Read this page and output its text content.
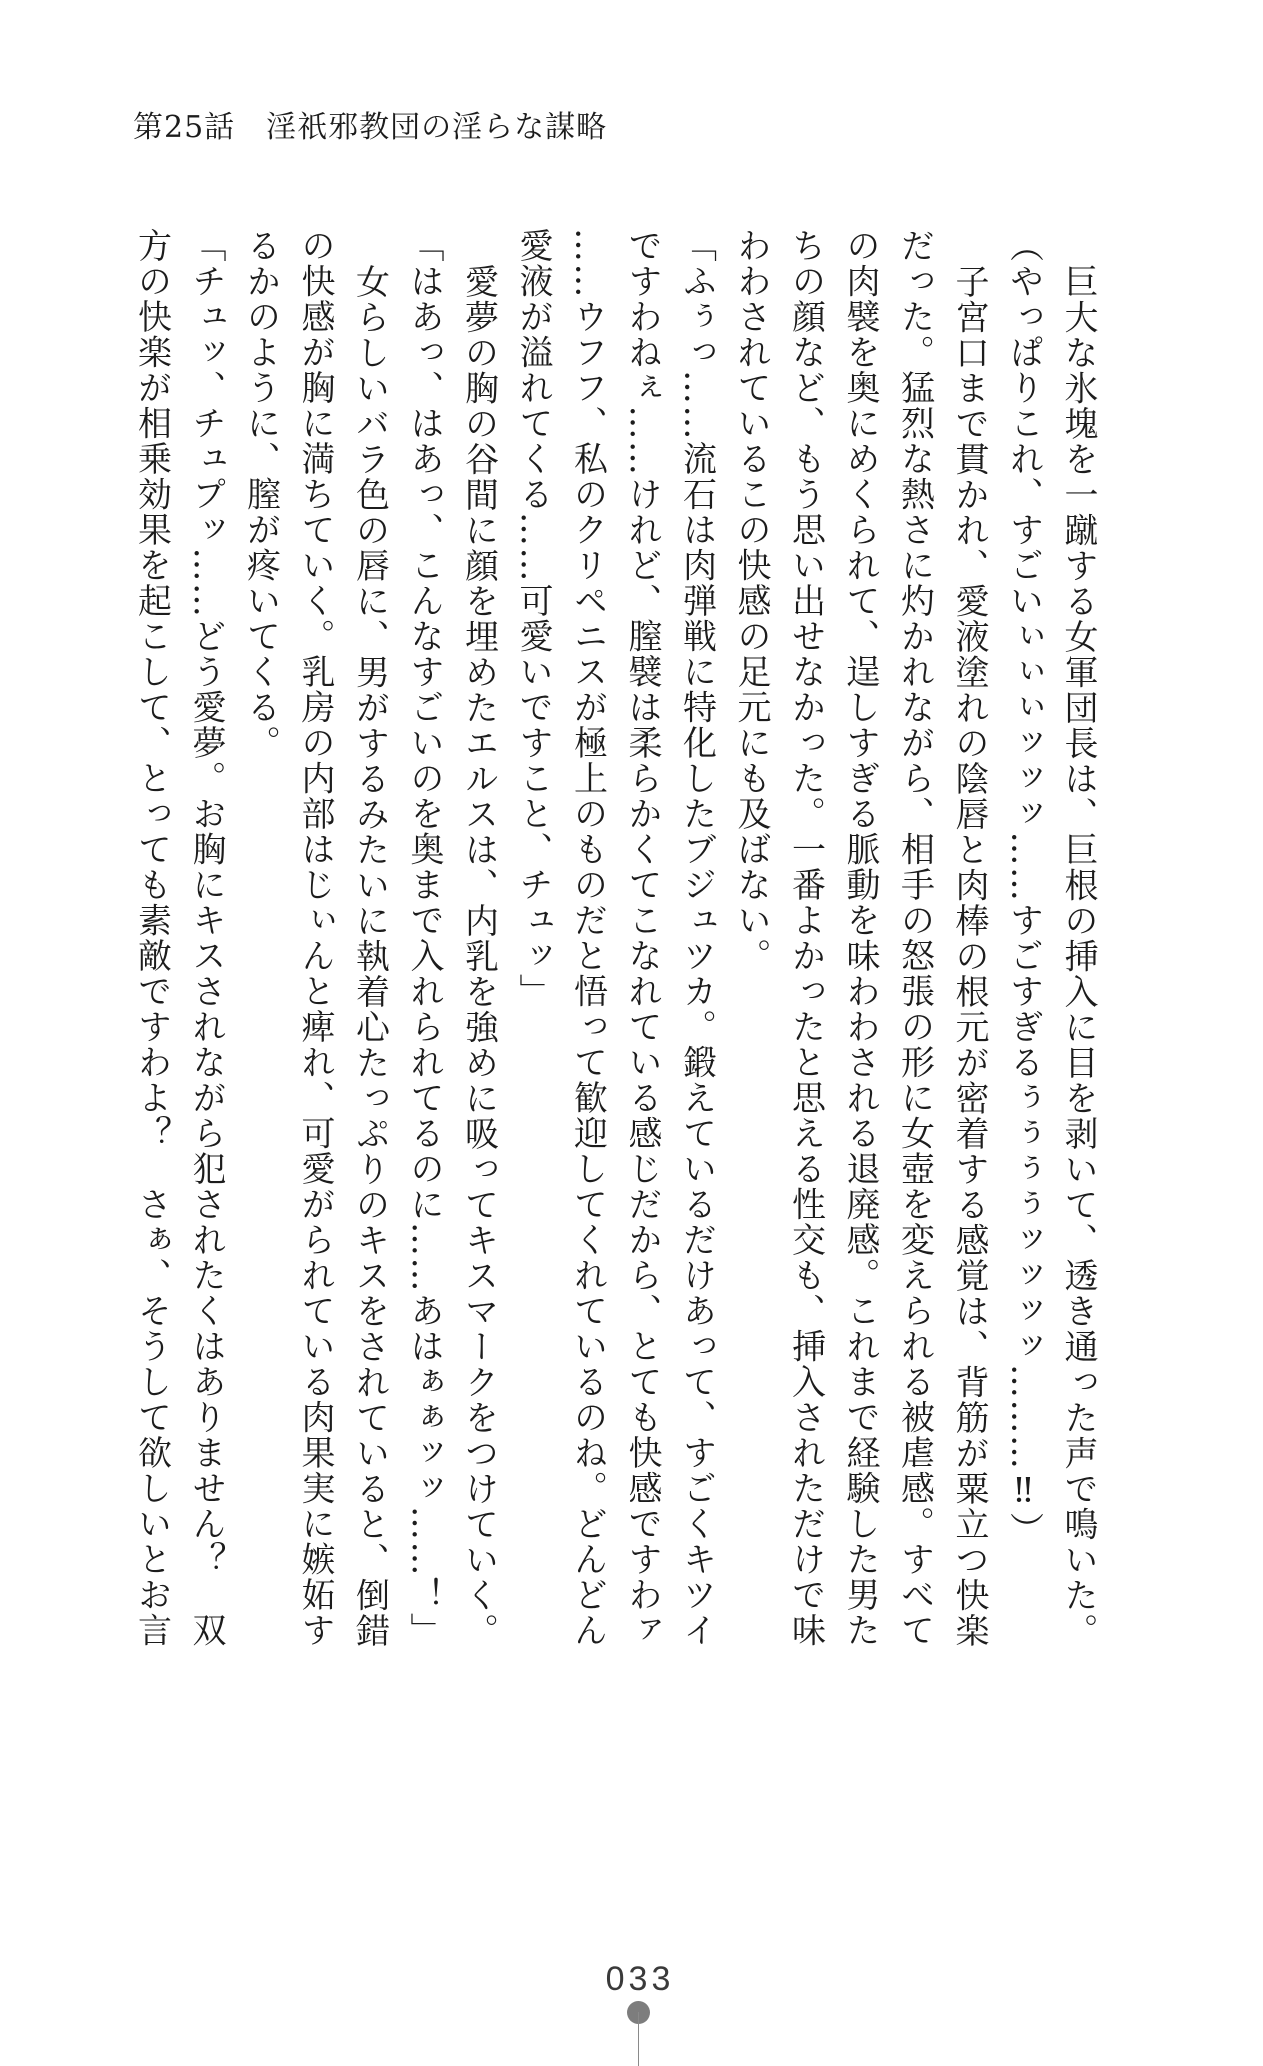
第25話　淫祇邪教団の淫らな謀略

巨大な氷塊を一蹴する女軍団長は、巨根の挿入に目を剥いて、透き通った声で鳴いた。

（やっぱりこれ、すごいぃぃぃッッッ……すごすぎるぅぅぅぅッッッッ………‼）

子宮口まで貫かれ、愛液塗れの陰唇と肉棒の根元が密着する感覚は、背筋が粟立つ快楽

だった。猛烈な熱さに灼かれながら、相手の怒張の形に女壺を変えられる被虐感。すべて

の肉襞を奥にめくられて、逞しすぎる脈動を味わわされる退廃感。これまで経験した男た

ちの顔など、もう思い出せなかった。一番よかったと思える性交も、挿入されただけで味

わわされているこの快感の足元にも及ばない。

「ふぅっ……流石は肉弾戦に特化したブジュツカ。鍛えているだけあって、すごくキツイ

ですわねぇ……けれど、膣襞は柔らかくてこなれている感じだから、とても快感ですわァ

……ウフフ、私のクリペニスが極上のものだと悟って歓迎してくれているのね。どんどん

愛液が溢れてくる……可愛いですこと、チュッ」

愛夢の胸の谷間に顔を埋めたエルスは、内乳を強めに吸ってキスマークをつけていく。

「はあっ、はあっ、こんなすごいのを奥まで入れられてるのに……あはぁぁッッ……！」

女らしいバラ色の唇に、男がするみたいに執着心たっぷりのキスをされていると、倒錯

の快感が胸に満ちていく。乳房の内部はじぃんと痺れ、可愛がられている肉果実に嫉妬す

るかのように、膣が疼いてくる。

「チュッ、チュプッ……どう愛夢。お胸にキスされながら犯されたくはありません？　双

方の快楽が相乗効果を起こして、とっても素敵ですわよ？　さぁ、そうして欲しいとお言

033
